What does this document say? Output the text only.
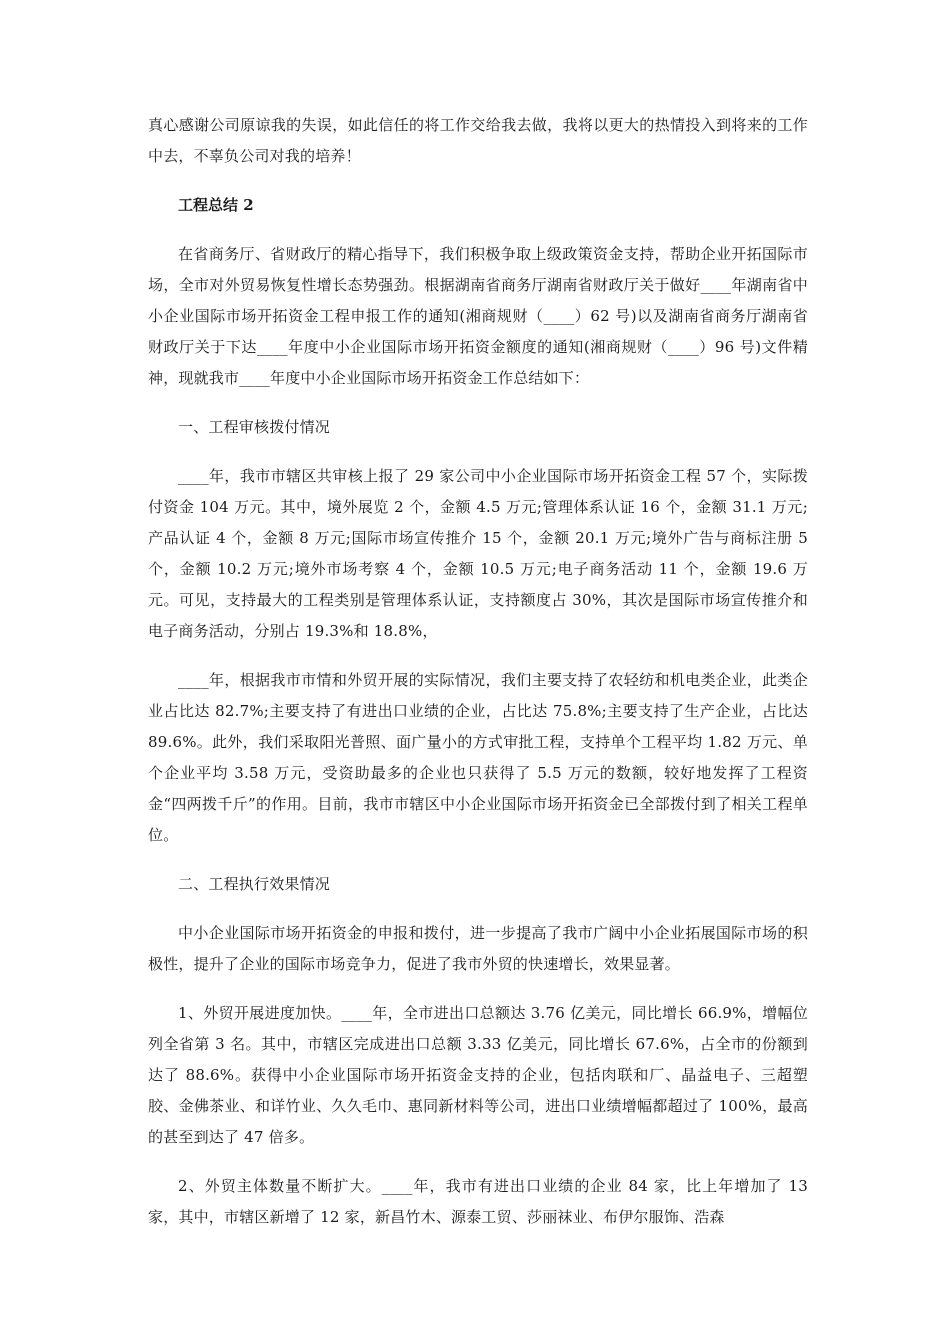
真心感谢公司原谅我的失误，如此信任的将工作交给我去做，我将以更大的热情投入到将来的工作中去，不辜负公司对我的培养！

工程总结 2

在省商务厅、省财政厅的精心指导下，我们积极争取上级政策资金支持，帮助企业开拓国际市场，全市对外贸易恢复性增长态势强劲。根据湖南省商务厅湖南省财政厅关于做好____年湖南省中小企业国际市场开拓资金工程申报工作的通知(湘商规财（____）62 号)以及湖南省商务厅湖南省财政厅关于下达____年度中小企业国际市场开拓资金额度的通知(湘商规财（____）96 号)文件精神，现就我市____年度中小企业国际市场开拓资金工作总结如下：

一、工程审核拨付情况

____年，我市市辖区共审核上报了 29 家公司中小企业国际市场开拓资金工程 57 个，实际拨付资金 104 万元。其中，境外展览 2 个，金额 4.5 万元;管理体系认证 16 个，金额 31.1 万元;产品认证 4 个，金额 8 万元;国际市场宣传推介 15 个，金额 20.1 万元;境外广告与商标注册 5 个，金额 10.2 万元;境外市场考察 4 个，金额 10.5 万元;电子商务活动 11 个，金额 19.6 万元。可见，支持最大的工程类别是管理体系认证，支持额度占 30%，其次是国际市场宣传推介和电子商务活动，分别占 19.3%和 18.8%，

____年，根据我市市情和外贸开展的实际情况，我们主要支持了农轻纺和机电类企业，此类企业占比达 82.7%;主要支持了有进出口业绩的企业，占比达 75.8%;主要支持了生产企业，占比达 89.6%。此外，我们采取阳光普照、面广量小的方式审批工程，支持单个工程平均 1.82 万元、单个企业平均 3.58 万元，受资助最多的企业也只获得了 5.5 万元的数额，较好地发挥了工程资金“四两拨千斤”的作用。目前，我市市辖区中小企业国际市场开拓资金已全部拨付到了相关工程单位。

二、工程执行效果情况

中小企业国际市场开拓资金的申报和拨付，进一步提高了我市广阔中小企业拓展国际市场的积极性，提升了企业的国际市场竞争力，促进了我市外贸的快速增长，效果显著。

1、外贸开展进度加快。____年，全市进出口总额达 3.76 亿美元，同比增长 66.9%，增幅位列全省第 3 名。其中，市辖区完成进出口总额 3.33 亿美元，同比增长 67.6%，占全市的份额到达了 88.6%。获得中小企业国际市场开拓资金支持的企业，包括肉联和厂、晶益电子、三超塑胶、金佛茶业、和详竹业、久久毛巾、惠同新材料等公司，进出口业绩增幅都超过了 100%，最高的甚至到达了 47 倍多。

2、外贸主体数量不断扩大。____年，我市有进出口业绩的企业 84 家，比上年增加了 13 家，其中，市辖区新增了 12 家，新昌竹木、源泰工贸、莎丽袜业、布伊尔服饰、浩森
